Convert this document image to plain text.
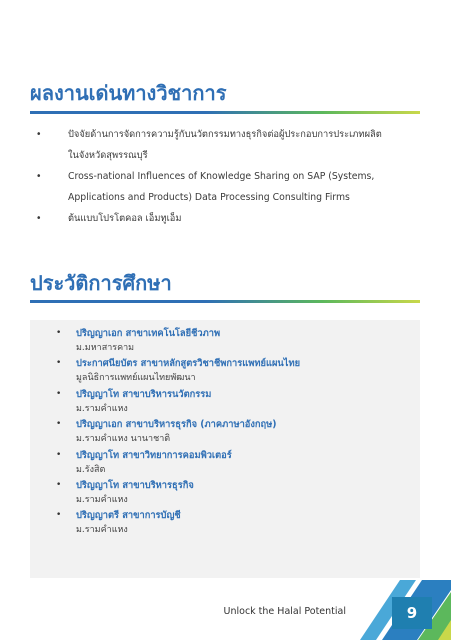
ผลงานเด่นทางวิชาการ
•	ปัจจัยด้านการจัดการความรู้กับนวัตกรรมทางธุรกิจต่อผู้ประกอบการประเภทผลิต
ในจังหวัดสุพรรณบุรี
•	Cross-national Influences of Knowledge Sharing on SAP (Systems,
Applications and Products) Data Processing Consulting Firms
•	ต้นแบบโปรโตคอล เอ็มทูเอ็ม
ประวัติการศึกษา
• ปริญญาเอก สาขาเทคโนโลยีชีวภาพ
ม.มหาสารคาม
• ประกาศนียบัตร สาขาหลักสูตรวิชาชีพการแพทย์แผนไทย
มูลนิธิการแพทย์แผนไทยพัฒนา
• ปริญญาโท สาขาบริหารนวัตกรรม
ม.รามคำแหง
• ปริญญาเอก สาขาบริหารธุรกิจ (ภาคภาษาอังกฤษ)
ม.รามคำแหง นานาชาติ
• ปริญญาโท สาขาวิทยาการคอมพิวเตอร์
ม.รังสิต
• ปริญญาโท สาขาบริหารธุรกิจ
ม.รามคำแหง
• ปริญญาตรี สาขาการบัญชี
ม.รามคำแหง
Unlock the Halal Potential	9
